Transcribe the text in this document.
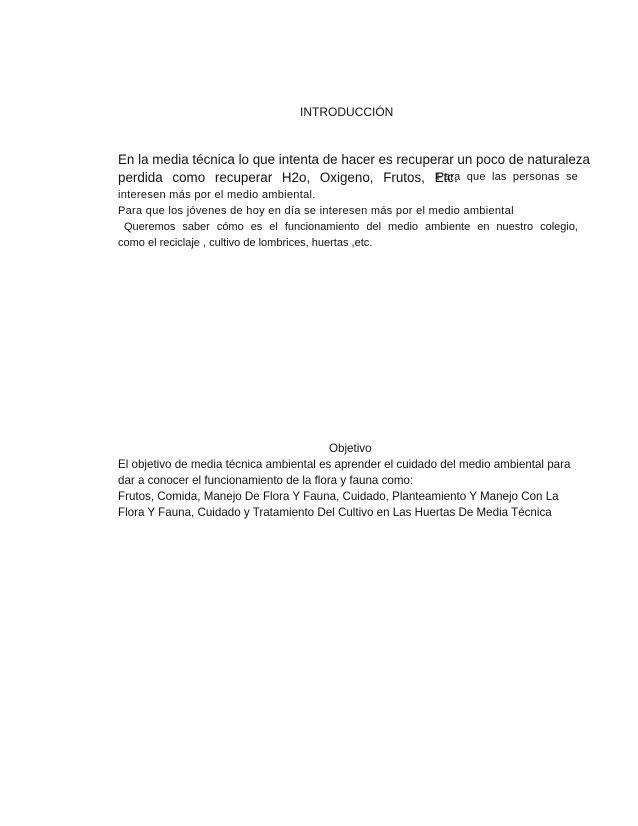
INTRODUCCIÓN
En la media técnica lo que intenta de hacer es recuperar un poco de naturaleza
perdida como recuperar H2o, Oxigeno, Frutos, Etc.
Para que las personas se
interesen más por el medio ambiental.
Para que los jóvenes de hoy en día se interesen más por el medio ambiental
Queremos saber cómo es el funcionamiento del medio ambiente en nuestro colegio,
como el reciclaje , cultivo de lombrices, huertas ,etc.
Objetivo
El objetivo de media técnica ambiental es aprender el cuidado del medio ambiental para
dar a conocer el funcionamiento de la flora y fauna como:
Frutos, Comida, Manejo De Flora Y Fauna, Cuidado, Planteamiento Y Manejo Con La
Flora Y Fauna, Cuidado y Tratamiento Del Cultivo en Las Huertas De Media Técnica
